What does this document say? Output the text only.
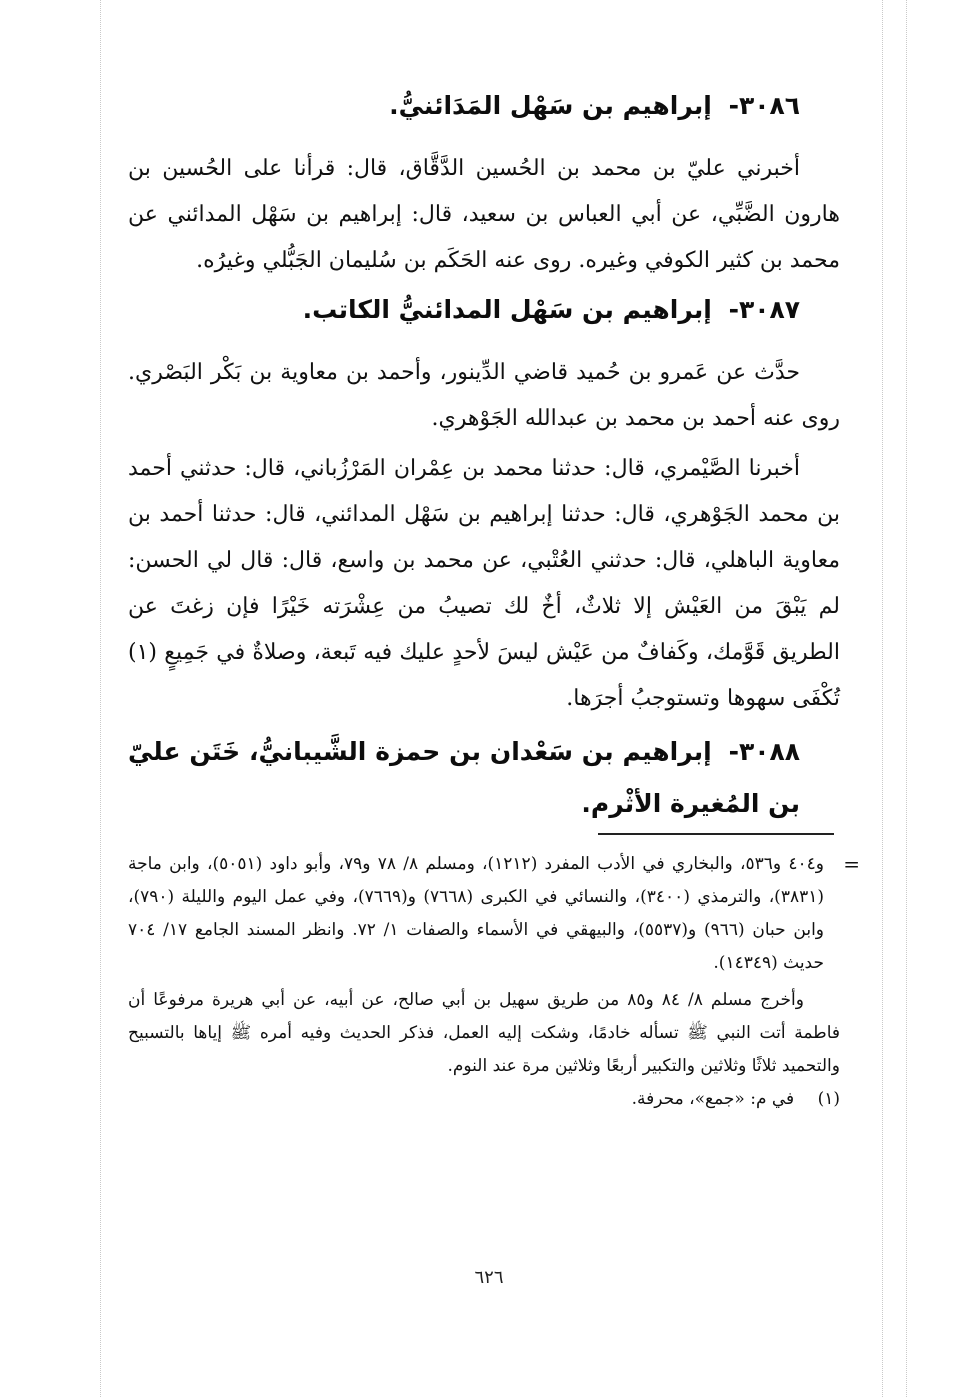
٣٠٨٦- إبراهيم بن سَهْل المَدَائنيُّ.

أخبرني عليّ بن محمد بن الحُسين الدَّقَّاق، قال: قرأنا على الحُسين بن هارون الضَّبِّي، عن أبي العباس بن سعيد، قال: إبراهيم بن سَهْل المدائني عن محمد بن كثير الكوفي وغيره. روى عنه الحَكَم بن سُليمان الجَبُّلي وغيرُه.

٣٠٨٧- إبراهيم بن سَهْل المدائنيُّ الكاتب.

حدَّث عن عَمرو بن حُميد قاضي الدِّينور، وأحمد بن معاوية بن بَكْر البَصْري. روى عنه أحمد بن محمد بن عبدالله الجَوْهري.

أخبرنا الصَّيْمري، قال: حدثنا محمد بن عِمْران المَرْزُباني، قال: حدثني أحمد بن محمد الجَوْهري، قال: حدثنا إبراهيم بن سَهْل المدائني، قال: حدثنا أحمد بن معاوية الباهلي، قال: حدثني العُتْبي، عن محمد بن واسع، قال: قال لي الحسن: لم يَبْقَ من العَيْش إلا ثلاثٌ، أخٌ لك تصيبُ من عِشْرَته خَيْرًا فإن زغتَ عن الطريق قَوَّمك، وكَفافٌ من عَيْش ليسَ لأحدٍ عليك فيه تَبعة، وصلاةٌ في جَمِيعٍ (١) تُكْفَى سهوها وتستوجبُ أجرَها.

٣٠٨٨- إبراهيم بن سَعْدان بن حمزة الشَّيبانيُّ، خَتَن عليّ بن المُغيرة الأثْرم.

=
و٤٠٤ و٥٣٦، والبخاري في الأدب المفرد (١٢١٢)، ومسلم ٨/ ٧٨ و٧٩، وأبو داود (٥٠٥١)، وابن ماجة (٣٨٣١)، والترمذي (٣٤٠٠)، والنسائي في الكبرى (٧٦٦٨) و(٧٦٦٩)، وفي عمل اليوم والليلة (٧٩٠)، وابن حبان (٩٦٦) و(٥٥٣٧)، والبيهقي في الأسماء والصفات ١/ ٧٢. وانظر المسند الجامع ١٧/ ٧٠٤ حديث (١٤٣٤٩).

وأخرج مسلم ٨/ ٨٤ و٨٥ من طريق سهيل بن أبي صالح، عن أبيه، عن أبي هريرة مرفوعًا أن فاطمة أتت النبي ﷺ تسأله خادمًا، وشكت إليه العمل، فذكر الحديث وفيه أمره ﷺ إياها بالتسبيح والتحميد ثلاثًا وثلاثين والتكبير أربعًا وثلاثين مرة عند النوم.

(١) في م: «جمع»، محرفة.

٦٢٦
